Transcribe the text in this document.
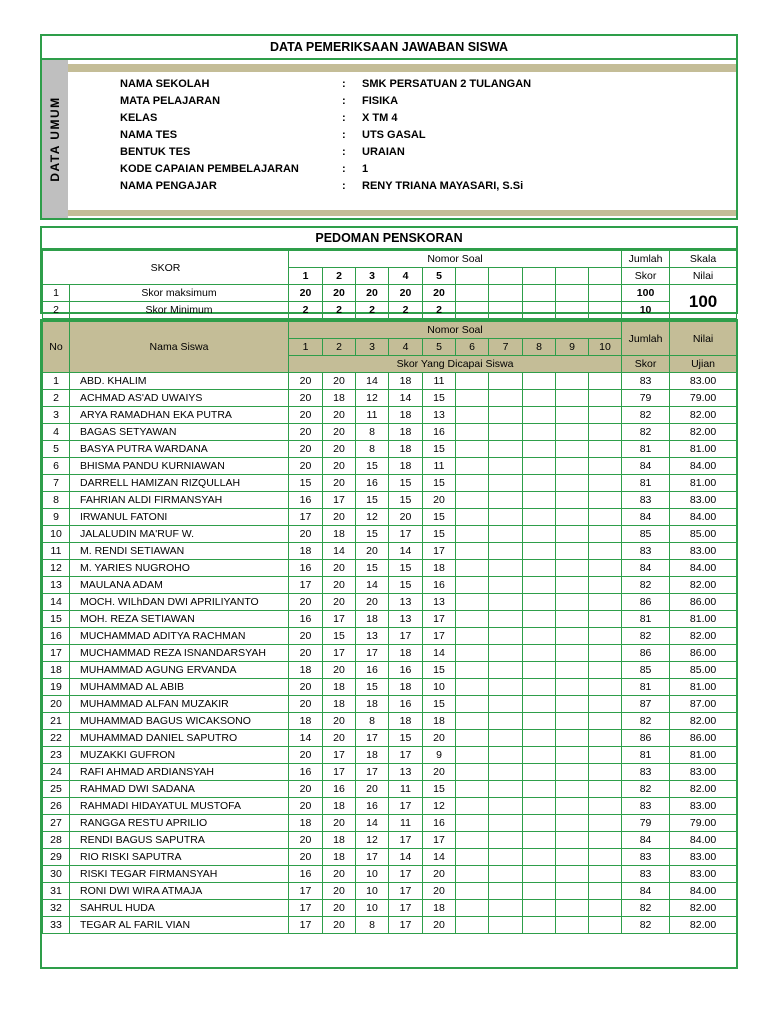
DATA PEMERIKSAAN JAWABAN SISWA
DATA UMUM
NAMA SEKOLAH	: SMK PERSATUAN 2 TULANGAN
MATA PELAJARAN	: FISIKA
KELAS	: X TM 4
NAMA TES	: UTS GASAL
BENTUK TES	: URAIAN
KODE CAPAIAN PEMBELAJARAN	: 1
NAMA PENGAJAR	: RENY TRIANA MAYASARI, S.Si
PEDOMAN PENSKORAN
SKOR		Nomor Soal										Jumlah	Skala
		1	2	3	4	5						Skor	Nilai
1	Skor maksimum	20	20	20	20	20						100	100
2	Skor Minimum	2	2	2	2	2						10	
No	Nama Siswa	Nomor Soal										Jumlah	Nilai
		1	2	3	4	5	6	7	8	9	10		
		Skor Yang Dicapai Siswa										Skor	Ujian
1	ABD. KHALIM	20	20	14	18	11						83	83.00
2	ACHMAD AS'AD UWAIYS	20	18	12	14	15						79	79.00
3	ARYA RAMADHAN EKA PUTRA	20	20	11	18	13						82	82.00
4	BAGAS SETYAWAN	20	20	8	18	16						82	82.00
5	BASYA PUTRA WARDANA	20	20	8	18	15						81	81.00
6	BHISMA PANDU KURNIAWAN	20	20	15	18	11						84	84.00
7	DARRELL HAMIZAN RIZQULLAH	15	20	16	15	15						81	81.00
8	FAHRIAN ALDI FIRMANSYAH	16	17	15	15	20						83	83.00
9	IRWANUL FATONI	17	20	12	20	15						84	84.00
10	JALALUDIN MA'RUF W.	20	18	15	17	15						85	85.00
11	M. RENDI SETIAWAN	18	14	20	14	17						83	83.00
12	M. YARIES NUGROHO	16	20	15	15	18						84	84.00
13	MAULANA ADAM	17	20	14	15	16						82	82.00
14	MOCH. WILhDAN DWI APRILIYANTO	20	20	20	13	13						86	86.00
15	MOH. REZA SETIAWAN	16	17	18	13	17						81	81.00
16	MUCHAMMAD ADITYA RACHMAN	20	15	13	17	17						82	82.00
17	MUCHAMMAD REZA ISNANDARSYAH	20	17	17	18	14						86	86.00
18	MUHAMMAD AGUNG ERVANDA	18	20	16	16	15						85	85.00
19	MUHAMMAD AL ABIB	20	18	15	18	10						81	81.00
20	MUHAMMAD ALFAN MUZAKIR	20	18	18	16	15						87	87.00
21	MUHAMMAD BAGUS WICAKSONO	18	20	8	18	18						82	82.00
22	MUHAMMAD DANIEL SAPUTRO	14	20	17	15	20						86	86.00
23	MUZAKKI GUFRON	20	17	18	17	9						81	81.00
24	RAFI AHMAD ARDIANSYAH	16	17	17	13	20						83	83.00
25	RAHMAD DWI SADANA	20	16	20	11	15						82	82.00
26	RAHMADI HIDAYATUL MUSTOFA	20	18	16	17	12						83	83.00
27	RANGGA RESTU APRILIO	18	20	14	11	16						79	79.00
28	RENDI BAGUS SAPUTRA	20	18	12	17	17						84	84.00
29	RIO RISKI SAPUTRA	20	18	17	14	14						83	83.00
30	RISKI TEGAR FIRMANSYAH	16	20	10	17	20						83	83.00
31	RONI DWI WIRA ATMAJA	17	20	10	17	20						84	84.00
32	SAHRUL HUDA	17	20	10	17	18						82	82.00
33	TEGAR AL FARIL VIAN	17	20	8	17	20						82	82.00
